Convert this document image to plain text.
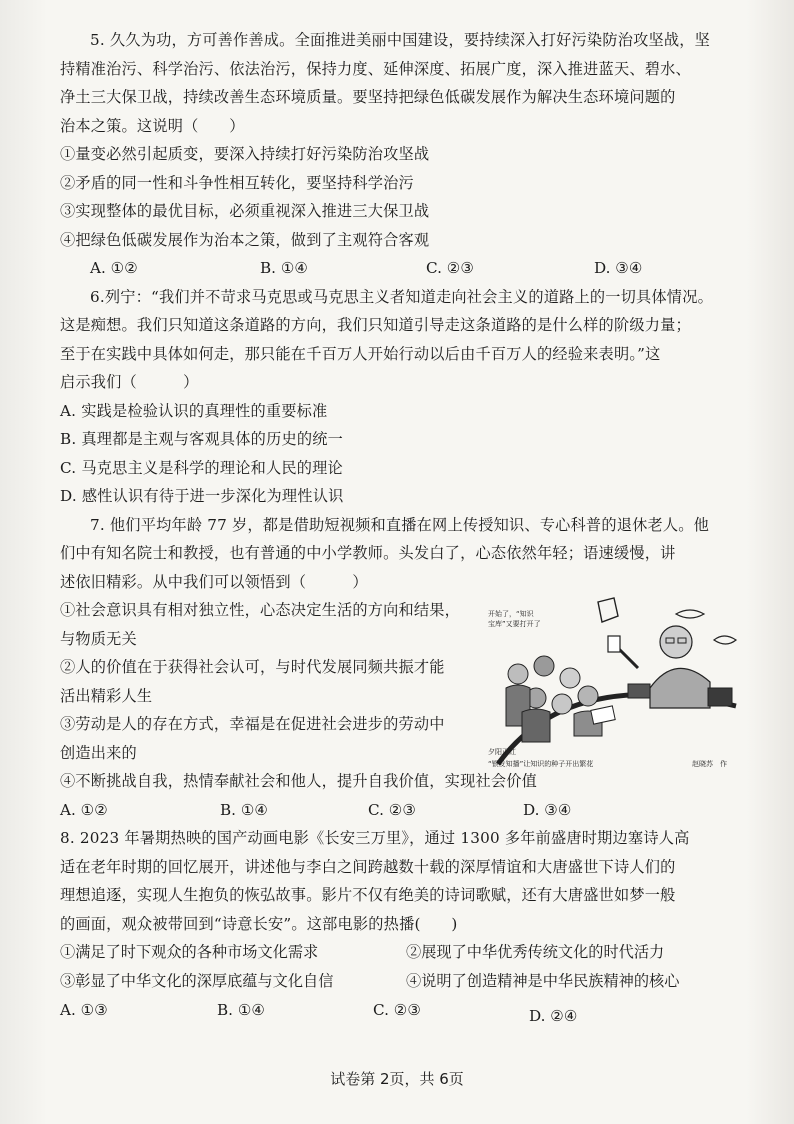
5. 久久为功，方可善作善成。全面推进美丽中国建设，要持续深入打好污染防治攻坚战，坚
持精准治污、科学治污、依法治污，保持力度、延伸深度、拓展广度，深入推进蓝天、碧水、
净土三大保卫战，持续改善生态环境质量。要坚持把绿色低碳发展作为解决生态环境问题的
治本之策。这说明（　　）
①量变必然引起质变，要深入持续打好污染防治攻坚战
②矛盾的同一性和斗争性相互转化，要坚持科学治污
③实现整体的最优目标，必须重视深入推进三大保卫战
④把绿色低碳发展作为治本之策，做到了主观符合客观
A. ①②	B. ①④	C. ②③	D. ③④
6.列宁：“我们并不苛求马克思或马克思主义者知道走向社会主义的道路上的一切具体情况。
这是痴想。我们只知道这条道路的方向，我们只知道引导走这条道路的是什么样的阶级力量；
至于在实践中具体如何走，那只能在千百万人开始行动以后由千百万人的经验来表明。”这
启示我们（　　　）
A. 实践是检验认识的真理性的重要标准
B. 真理都是主观与客观具体的历史的统一
C. 马克思主义是科学的理论和人民的理论
D. 感性认识有待于进一步深化为理性认识
7. 他们平均年龄 77 岁，都是借助短视频和直播在网上传授知识、专心科普的退休老人。他
们中有知名院士和教授，也有普通的中小学教师。头发白了，心态依然年轻；语速缓慢，讲
述依旧精彩。从中我们可以领悟到（　　　）
①社会意识具有相对独立性，心态决定生活的方向和结果，
与物质无关
②人的价值在于获得社会认可，与时代发展同频共振才能
活出精彩人生
③劳动是人的存在方式，幸福是在促进社会进步的劳动中
创造出来的
开始了，“知识
宝库”又要打开了
夕阳正红
“银发知播”让知识的种子开出繁花	赵晓苏　作
④不断挑战自我，热情奉献社会和他人，提升自我价值，实现社会价值
A. ①②	B. ①④	C. ②③	D. ③④
8. 2023 年暑期热映的国产动画电影《长安三万里》，通过 1300 多年前盛唐时期边塞诗人高
适在老年时期的回忆展开，讲述他与李白之间跨越数十载的深厚情谊和大唐盛世下诗人们的
理想追逐，实现人生抱负的恢弘故事。影片不仅有绝美的诗词歌赋，还有大唐盛世如梦一般
的画面，观众被带回到“诗意长安”。这部电影的热播(　　)
①满足了时下观众的各种市场文化需求	②展现了中华优秀传统文化的时代活力
③彰显了中华文化的深厚底蕴与文化自信	④说明了创造精神是中华民族精神的核心
A. ①③	B. ①④	C. ②③	D. ②④
试卷第 2页，共 6页
